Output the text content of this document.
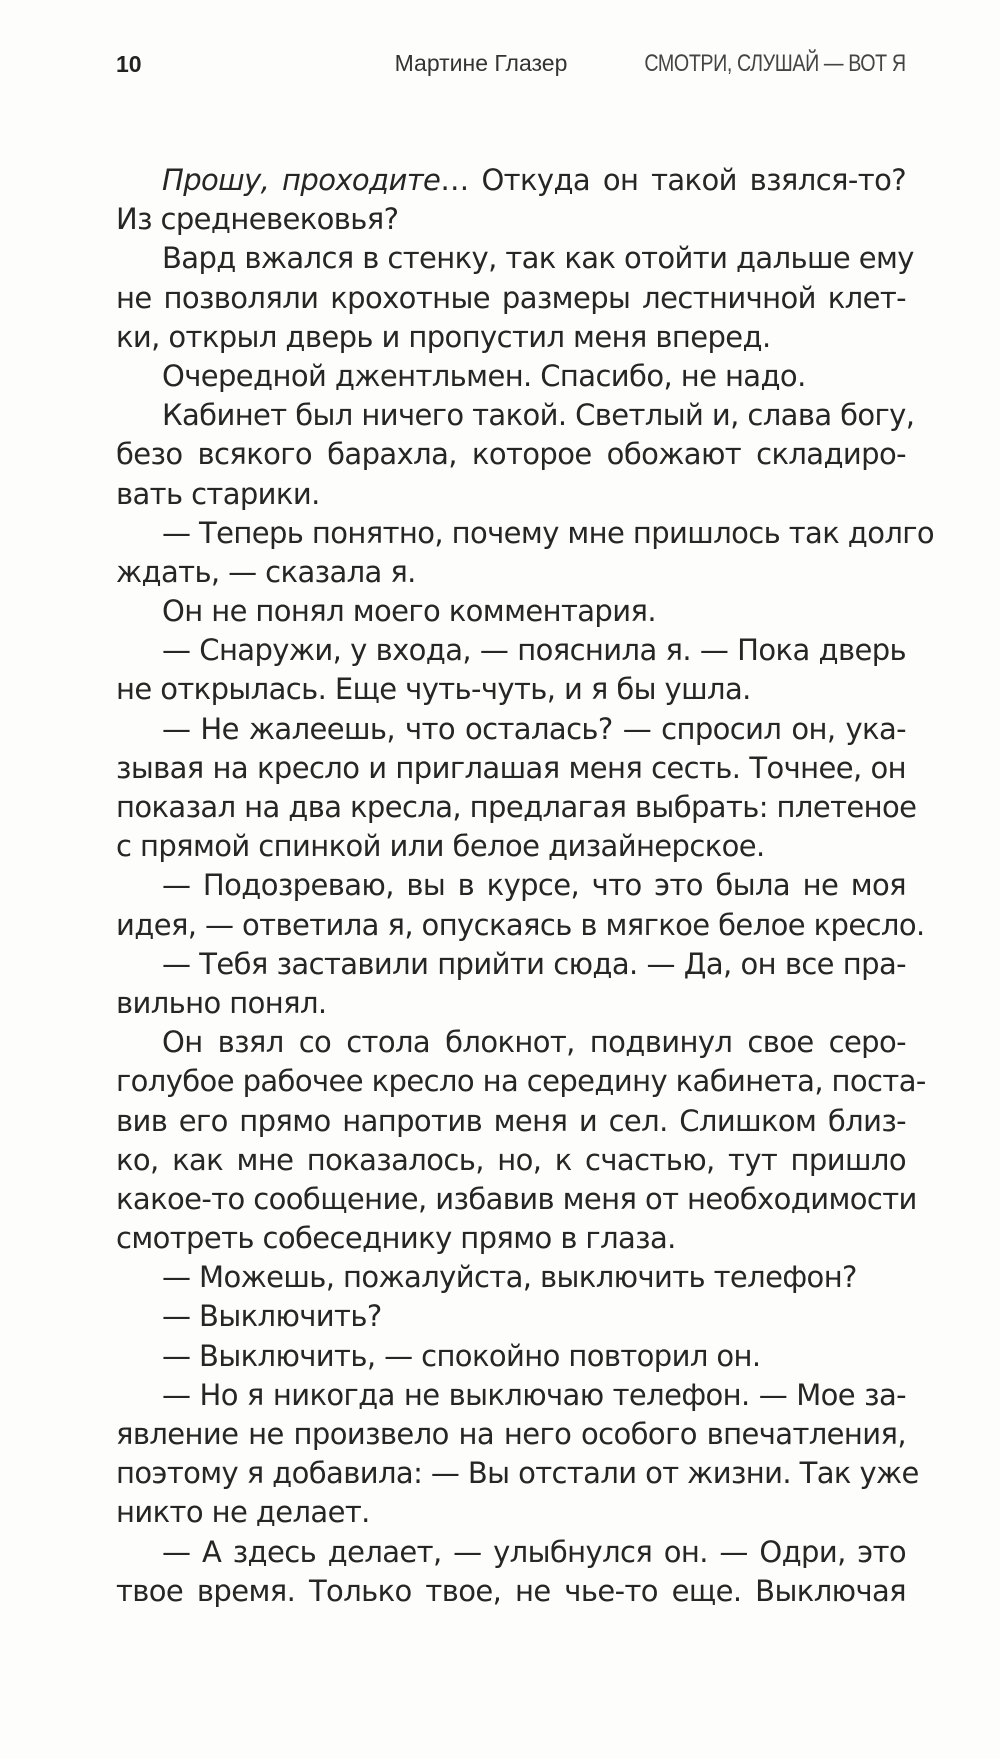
10	Мартине Глазер	СМОТРИ, СЛУШАЙ — ВОТ Я
Прошу, проходите… Откуда он такой взялся-то?
Из средневековья?
Вард вжался в стенку, так как отойти дальше ему
не позволяли крохотные размеры лестничной клет-
ки, открыл дверь и пропустил меня вперед.
Очередной джентльмен. Спасибо, не надо.
Кабинет был ничего такой. Светлый и, слава богу,
безо всякого барахла, которое обожают складиро-
вать старики.
— Теперь понятно, почему мне пришлось так долго
ждать, — сказала я.
Он не понял моего комментария.
— Снаружи, у входа, — пояснила я. — Пока дверь
не открылась. Еще чуть-чуть, и я бы ушла.
— Не жалеешь, что осталась? — спросил он, ука-
зывая на кресло и приглашая меня сесть. Точнее, он
показал на два кресла, предлагая выбрать: плетеное
с прямой спинкой или белое дизайнерское.
— Подозреваю, вы в курсе, что это была не моя
идея, — ответила я, опускаясь в мягкое белое кресло.
— Тебя заставили прийти сюда. — Да, он все пра-
вильно понял.
Он взял со стола блокнот, подвинул свое серо-
голубое рабочее кресло на середину кабинета, поста-
вив его прямо напротив меня и сел. Слишком близ-
ко, как мне показалось, но, к счастью, тут пришло
какое-то сообщение, избавив меня от необходимости
смотреть собеседнику прямо в глаза.
— Можешь, пожалуйста, выключить телефон?
— Выключить?
— Выключить, — спокойно повторил он.
— Но я никогда не выключаю телефон. — Мое за-
явление не произвело на него особого впечатления,
поэтому я добавила: — Вы отстали от жизни. Так уже
никто не делает.
— А здесь делает, — улыбнулся он. — Одри, это
твое время. Только твое, не чье-то еще. Выключая
